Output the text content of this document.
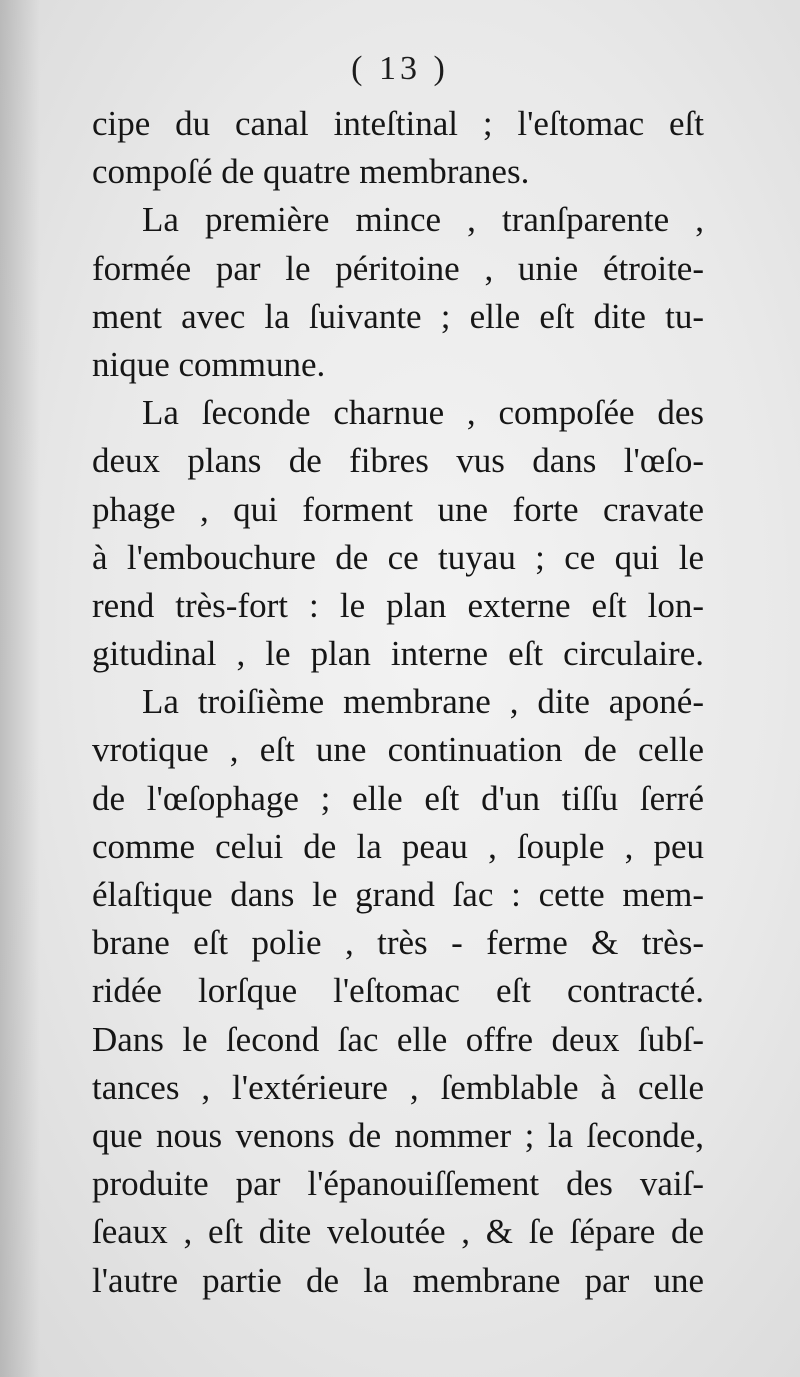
( 13 )
cipe du canal inteſtinal ; l'eſtomac eſt
compoſé de quatre membranes.
La première mince , tranſparente ,
formée par le péritoine , unie étroite-
ment avec la ſuivante ; elle eſt dite tu-
nique commune.
La ſeconde charnue , compoſée des
deux plans de fibres vus dans l'œſo-
phage , qui forment une forte cravate
à l'embouchure de ce tuyau ; ce qui le
rend très-fort : le plan externe eſt lon-
gitudinal , le plan interne eſt circulaire.
La troiſième membrane , dite aponé-
vrotique , eſt une continuation de celle
de l'œſophage ; elle eſt d'un tiſſu ſerré
comme celui de la peau , ſouple , peu
élaſtique dans le grand ſac : cette mem-
brane eſt polie , très - ferme & très-
ridée lorſque l'eſtomac eſt contracté.
Dans le ſecond ſac elle offre deux ſubſ-
tances , l'extérieure , ſemblable à celle
que nous venons de nommer ; la ſeconde,
produite par l'épanouiſſement des vaiſ-
ſeaux , eſt dite veloutée , & ſe ſépare de
l'autre partie de la membrane par une
